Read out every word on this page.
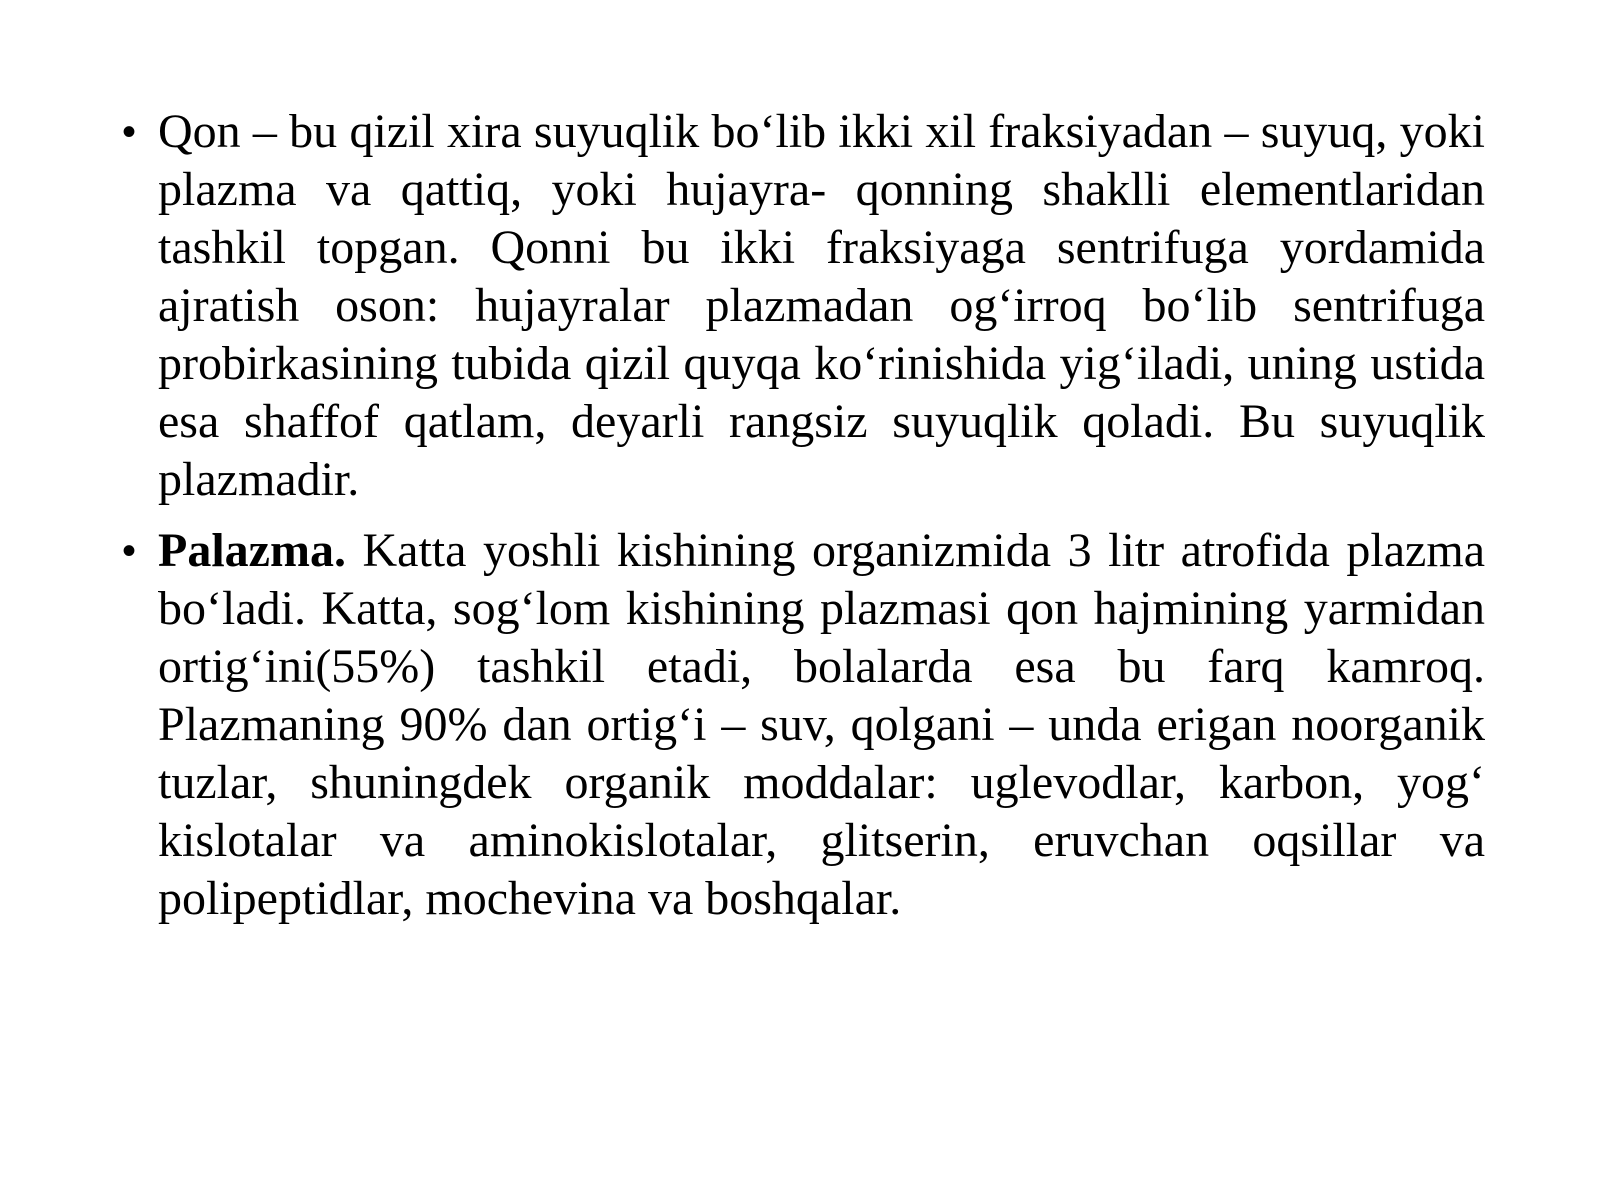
• Qon – bu qizil xira suyuqlik bo‘lib ikki xil fraksiyadan – suyuq, yoki plazma va qattiq, yoki hujayra- qonning shaklli elementlaridan tashkil topgan. Qonni bu ikki fraksiyaga sentrifuga yordamida ajratish oson: hujayralar plazmadan og‘irroq bo‘lib sentrifuga probirkasining tubida qizil quyqa ko‘rinishida yig‘iladi, uning ustida esa shaffof qatlam, deyarli rangsiz suyuqlik qoladi. Bu suyuqlik plazmadir.
• Palazma. Katta yoshli kishining organizmida 3 litr atrofida plazma bo‘ladi. Katta, sog‘lom kishining plazmasi qon hajmining yarmidan ortig‘ini(55%) tashkil etadi, bolalarda esa bu farq kamroq. Plazmaning 90% dan ortig‘i – suv, qolgani – unda erigan noorganik tuzlar, shuningdek organik moddalar: uglevodlar, karbon, yog‘ kislotalar va aminokislotalar, glitserin, eruvchan oqsillar va polipeptidlar, mochevina va boshqalar.
